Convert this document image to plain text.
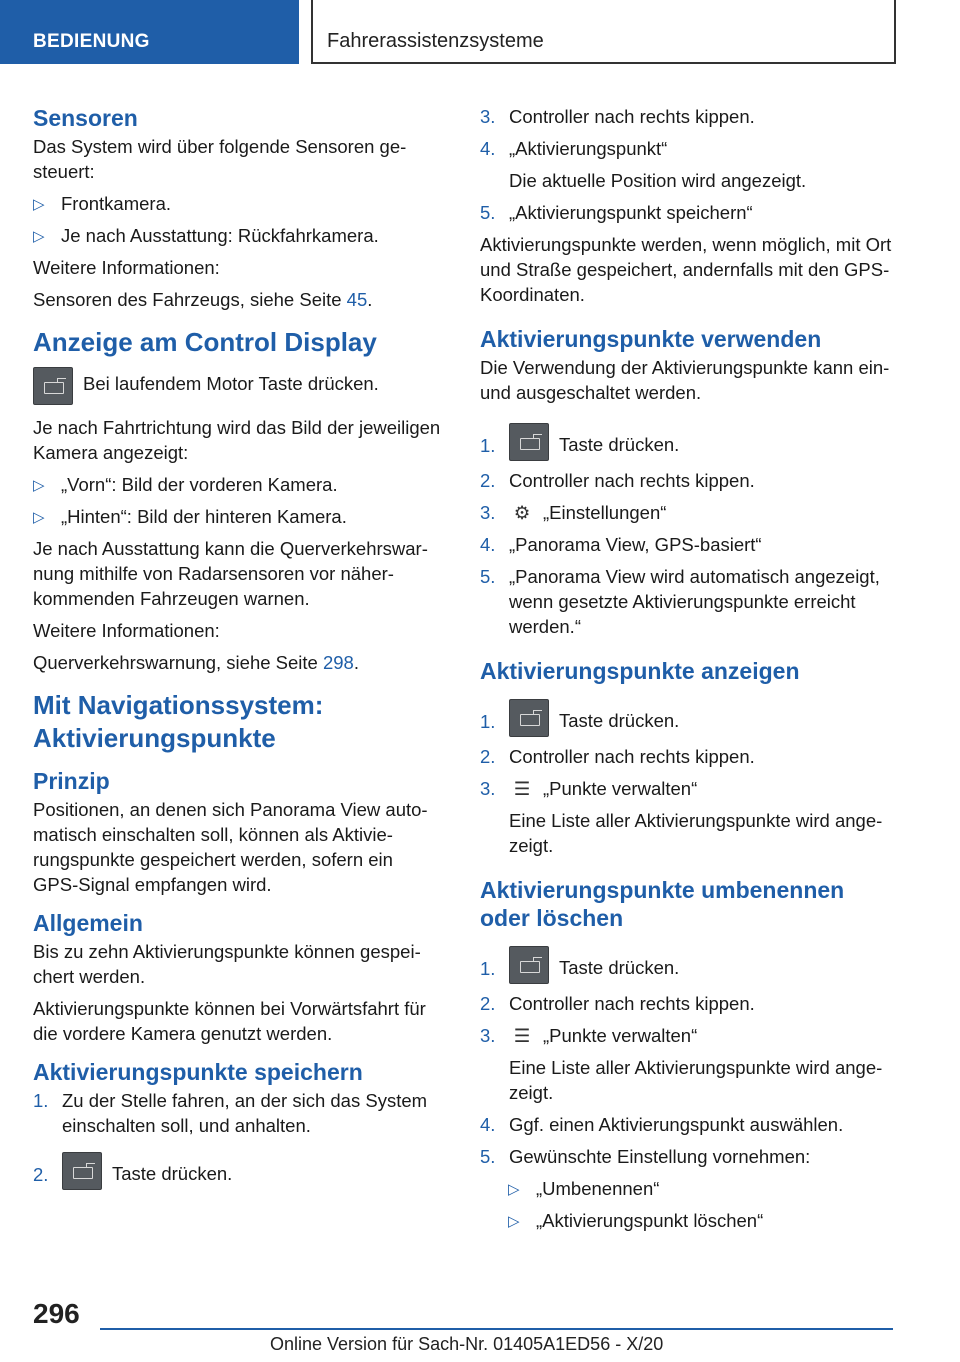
BEDIENUNG	Fahrerassistenzsysteme
Sensoren

Das System wird über folgende Sensoren gesteuert:

▷ Frontkamera.
▷ Je nach Ausstattung: Rückfahrkamera.

Weitere Informationen:

Sensoren des Fahrzeugs, siehe Seite 45.

Anzeige am Control Display

Bei laufendem Motor Taste drücken.

Je nach Fahrtrichtung wird das Bild der jeweiligen Kamera angezeigt:

▷ „Vorn“: Bild der vorderen Kamera.
▷ „Hinten“: Bild der hinteren Kamera.

Je nach Ausstattung kann die Querverkehrswarnung mithilfe von Radarsensoren vor näherkommenden Fahrzeugen warnen.

Weitere Informationen:

Querverkehrswarnung, siehe Seite 298.

Mit Navigationssystem:
Aktivierungspunkte
Prinzip

Positionen, an denen sich Panorama View automatisch einschalten soll, können als Aktivierungspunkte gespeichert werden, sofern ein GPS-Signal empfangen wird.

Allgemein

Bis zu zehn Aktivierungspunkte können gespeichert werden.

Aktivierungspunkte können bei Vorwärtsfahrt für die vordere Kamera genutzt werden.

Aktivierungspunkte speichern
1. Zu der Stelle fahren, an der sich das System einschalten soll, und anhalten.
2.	Taste drücken.
3. Controller nach rechts kippen.
4. „Aktivierungspunkt“
Die aktuelle Position wird angezeigt.
5. „Aktivierungspunkt speichern“

Aktivierungspunkte werden, wenn möglich, mit Ort und Straße gespeichert, andernfalls mit den GPS-Koordinaten.

Aktivierungspunkte verwenden

Die Verwendung der Aktivierungspunkte kann ein- und ausgeschaltet werden.

1.	Taste drücken.
2. Controller nach rechts kippen.
3. ⚙ „Einstellungen“
4. „Panorama View, GPS-basiert“
5. „Panorama View wird automatisch angezeigt, wenn gesetzte Aktivierungspunkte erreicht werden.“
Aktivierungspunkte anzeigen
1.	Taste drücken.
2. Controller nach rechts kippen.
3. ☰ „Punkte verwalten“
Eine Liste aller Aktivierungspunkte wird angezeigt.
Aktivierungspunkte umbenennen
oder löschen
1.	Taste drücken.
2. Controller nach rechts kippen.
3. ☰ „Punkte verwalten“
Eine Liste aller Aktivierungspunkte wird angezeigt.
4. Ggf. einen Aktivierungspunkt auswählen.
5. Gewünschte Einstellung vornehmen:
▷ „Umbenennen“
▷ „Aktivierungspunkt löschen“
296
Online Version für Sach-Nr. 01405A1ED56 - X/20
